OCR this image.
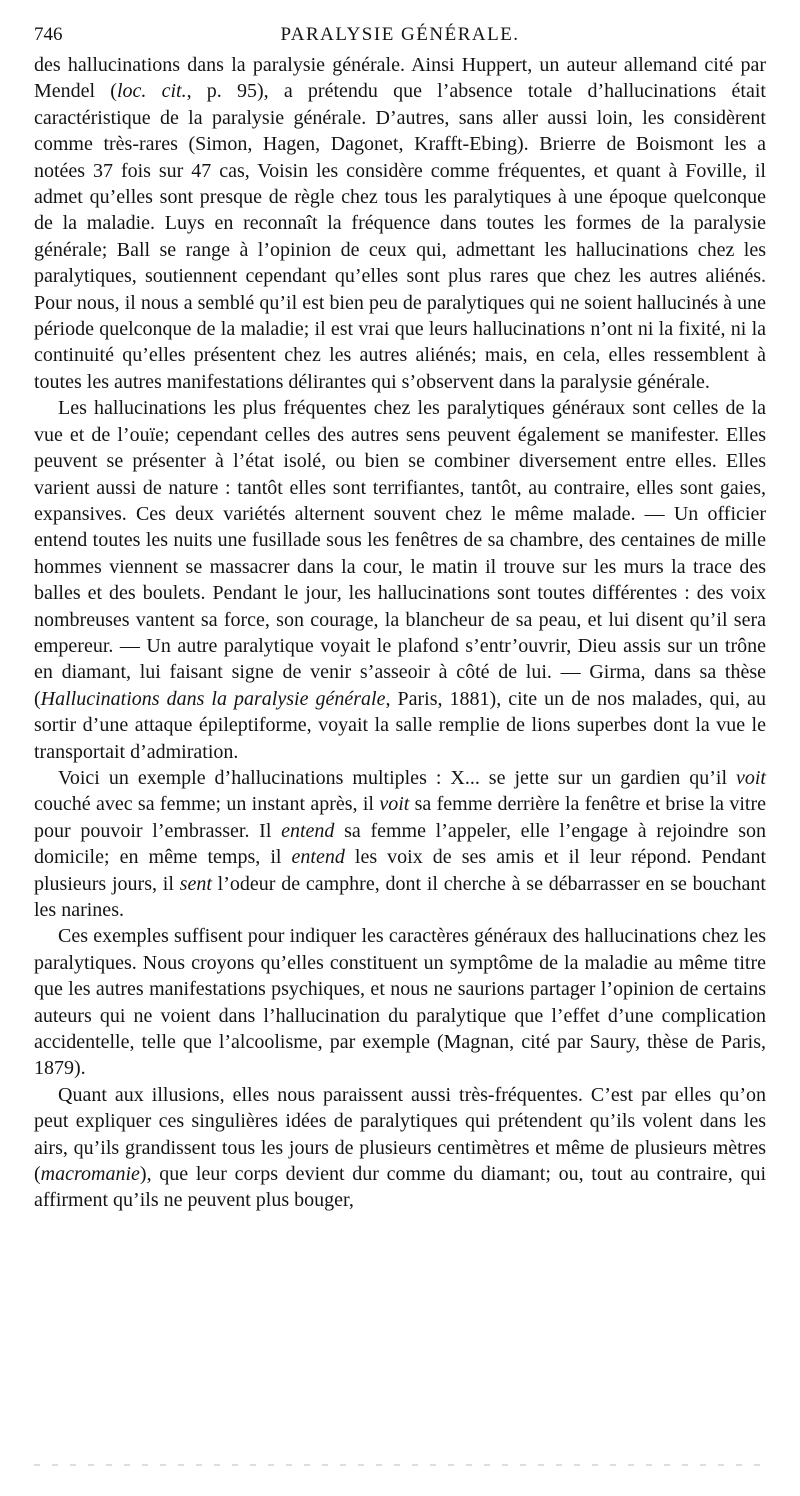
746	PARALYSIE GÉNÉRALE.

des hallucinations dans la paralysie générale. Ainsi Huppert, un auteur allemand cité par Mendel (loc. cit., p. 95), a prétendu que l’absence totale d’hallucinations était caractéristique de la paralysie générale. D’autres, sans aller aussi loin, les considèrent comme très-rares (Simon, Hagen, Dagonet, Krafft-Ebing). Brierre de Boismont les a notées 37 fois sur 47 cas, Voisin les considère comme fréquentes, et quant à Foville, il admet qu’elles sont presque de règle chez tous les paralytiques à une époque quelconque de la maladie. Luys en reconnaît la fréquence dans toutes les formes de la paralysie générale; Ball se range à l’opinion de ceux qui, admettant les hallucinations chez les paralytiques, soutiennent cependant qu’elles sont plus rares que chez les autres aliénés. Pour nous, il nous a semblé qu’il est bien peu de paralytiques qui ne soient hallucinés à une période quelconque de la maladie; il est vrai que leurs hallucinations n’ont ni la fixité, ni la continuité qu’elles présentent chez les autres aliénés; mais, en cela, elles ressemblent à toutes les autres manifestations délirantes qui s’observent dans la paralysie générale.

Les hallucinations les plus fréquentes chez les paralytiques généraux sont celles de la vue et de l’ouïe; cependant celles des autres sens peuvent également se manifester. Elles peuvent se présenter à l’état isolé, ou bien se combiner diversement entre elles. Elles varient aussi de nature : tantôt elles sont terrifiantes, tantôt, au contraire, elles sont gaies, expansives. Ces deux variétés alternent souvent chez le même malade. — Un officier entend toutes les nuits une fusillade sous les fenêtres de sa chambre, des centaines de mille hommes viennent se massacrer dans la cour, le matin il trouve sur les murs la trace des balles et des boulets. Pendant le jour, les hallucinations sont toutes différentes : des voix nombreuses vantent sa force, son courage, la blancheur de sa peau, et lui disent qu’il sera empereur. — Un autre paralytique voyait le plafond s’entr’ouvrir, Dieu assis sur un trône en diamant, lui faisant signe de venir s’asseoir à côté de lui. — Girma, dans sa thèse (Hallucinations dans la paralysie générale, Paris, 1881), cite un de nos malades, qui, au sortir d’une attaque épileptiforme, voyait la salle remplie de lions superbes dont la vue le transportait d’admiration.

Voici un exemple d’hallucinations multiples : X... se jette sur un gardien qu’il voit couché avec sa femme; un instant après, il voit sa femme derrière la fenêtre et brise la vitre pour pouvoir l’embrasser. Il entend sa femme l’appeler, elle l’engage à rejoindre son domicile; en même temps, il entend les voix de ses amis et il leur répond. Pendant plusieurs jours, il sent l’odeur de camphre, dont il cherche à se débarrasser en se bouchant les narines.

Ces exemples suffisent pour indiquer les caractères généraux des hallucinations chez les paralytiques. Nous croyons qu’elles constituent un symptôme de la maladie au même titre que les autres manifestations psychiques, et nous ne saurions partager l’opinion de certains auteurs qui ne voient dans l’hallucination du paralytique que l’effet d’une complication accidentelle, telle que l’alcoolisme, par exemple (Magnan, cité par Saury, thèse de Paris, 1879).

Quant aux illusions, elles nous paraissent aussi très-fréquentes. C’est par elles qu’on peut expliquer ces singulières idées de paralytiques qui prétendent qu’ils volent dans les airs, qu’ils grandissent tous les jours de plusieurs centimètres et même de plusieurs mètres (macromanie), que leur corps devient dur comme du diamant; ou, tout au contraire, qui affirment qu’ils ne peuvent plus bouger,
